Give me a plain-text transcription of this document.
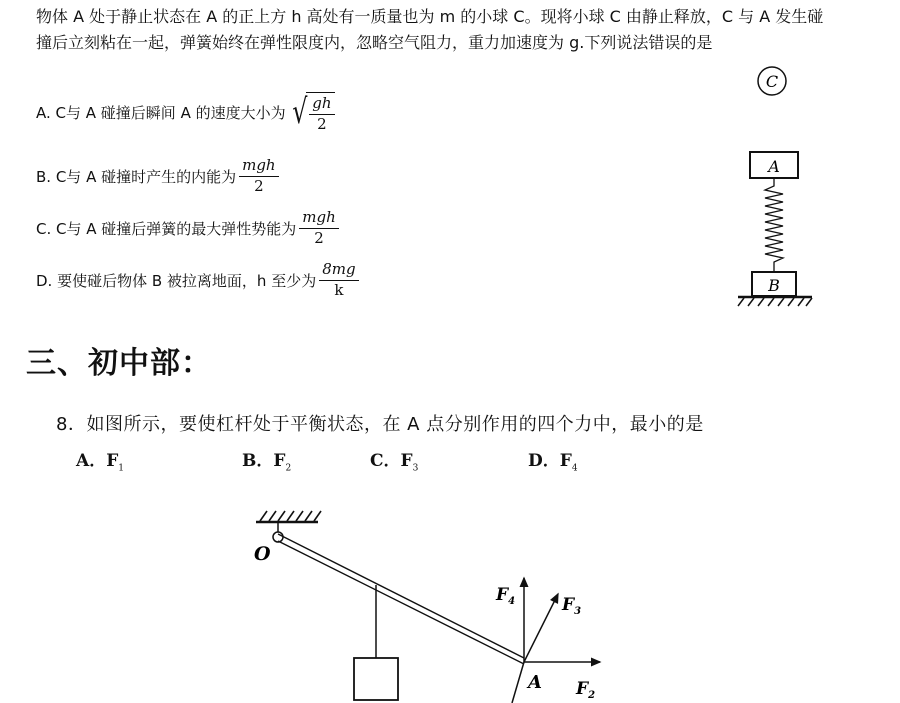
物体 A 处于静止状态在 A 的正上方 h 高处有一质量也为 m 的小球 C。现将小球 C 由静止释放，C 与 A 发生碰
撞后立刻粘在一起，弹簧始终在弹性限度内，忽略空气阻力，重力加速度为 g.下列说法错误的是
A. C与 A 碰撞后瞬间 A 的速度大小为 √ $\frac{gh}{2}$
B. C与 A 碰撞时产生的内能为 $\frac{\text{mgh}}{2}$
C. C与 A 碰撞后弹簧的最大弹性势能为 $\frac{\text{mgh}}{2}$
D. 要使碰后物体 B 被拉离地面，h 至少为 $\frac{8mg}{k}$
C
A
B
三、初中部：
8．如图所示，要使杠杆处于平衡状态，在 A 点分别作用的四个力中，最小的是
A．$F_1$	B．$F_2$	C．$F_3$	D．$F_4$
O
$F_4$	$F_3$
A $F_2$
